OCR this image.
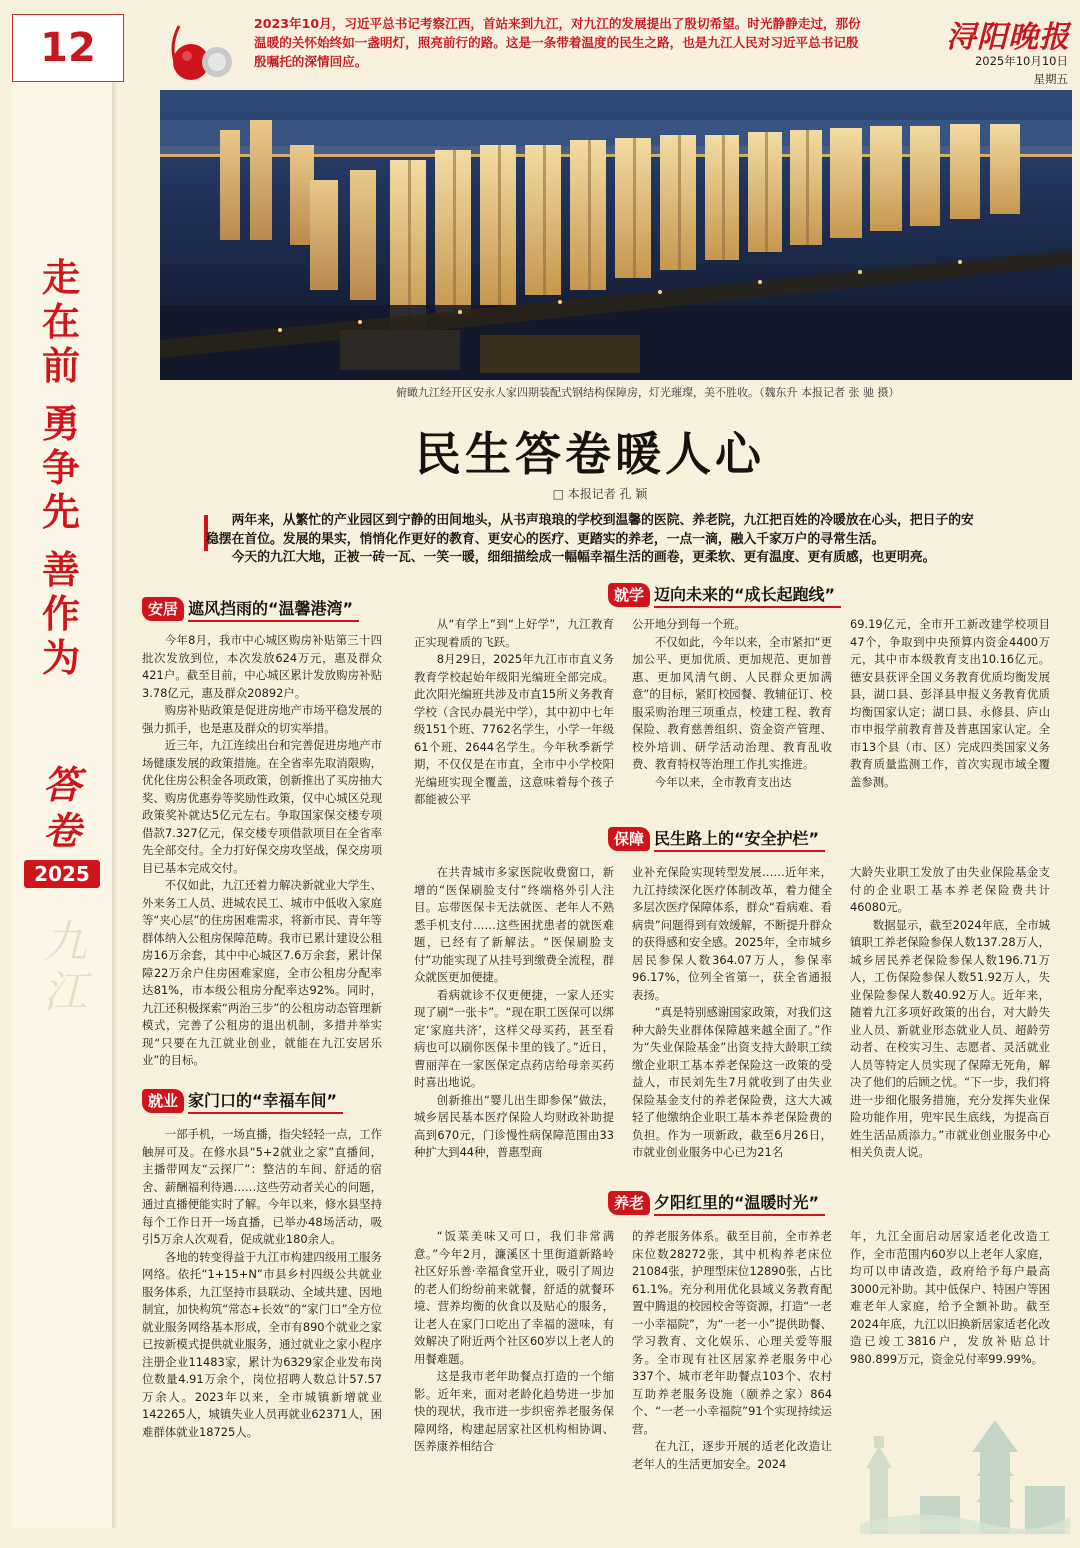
12
走
在
前
勇
争
先
善
作
为
答
卷
2025
九
江
2023年10月，习近平总书记考察江西，首站来到九江，对九江的发展提出了殷切希望。时光静静走过，那份温暖的关怀始终如一盏明灯，照亮前行的路。这是一条带着温度的民生之路，也是九江人民对习近平总书记殷殷嘱托的深情回应。
浔阳晚报
2025年10月10日
星期五
俯瞰九江经开区安永人家四期装配式钢结构保障房，灯光璀璨，美不胜收。（魏东升 本报记者 张 驰 摄）
民生答卷暖人心
□ 本报记者 孔 颖

两年来，从繁忙的产业园区到宁静的田间地头，从书声琅琅的学校到温馨的医院、养老院，九江把百姓的冷暖放在心头，把日子的安稳摆在首位。发展的果实，悄悄化作更好的教育、更安心的医疗、更踏实的养老，一点一滴，融入千家万户的寻常生活。

今天的九江大地，正被一砖一瓦、一笑一暖，细细描绘成一幅幅幸福生活的画卷，更柔软、更有温度、更有质感，也更明亮。

安居 遮风挡雨的“温馨港湾”

今年8月，我市中心城区购房补贴第三十四批次发放到位，本次发放624万元，惠及群众421户。截至目前，中心城区累计发放购房补贴3.78亿元，惠及群众20892户。

购房补贴政策是促进房地产市场平稳发展的强力抓手，也是惠及群众的切实举措。

近三年，九江连续出台和完善促进房地产市场健康发展的政策措施。在全省率先取消限购，优化住房公积金各项政策，创新推出了买房抽大奖、购房优惠券等奖励性政策，仅中心城区兑现政策奖补就达5亿元左右。争取国家保交楼专项借款7.327亿元，保交楼专项借款项目在全省率先全部交付。全力打好保交房攻坚战，保交房项目已基本完成交付。

不仅如此，九江还着力解决新就业大学生、外来务工人员、进城农民工、城市中低收入家庭等“夹心层”的住房困难需求，将新市民、青年等群体纳入公租房保障范畴。我市已累计建设公租房16万余套，其中中心城区7.6万余套，累计保障22万余户住房困难家庭，全市公租房分配率达81%，市本级公租房分配率达92%。同时，九江还积极探索“两治三步”的公租房动态管理新模式，完善了公租房的退出机制，多措并举实现“只要在九江就业创业，就能在九江安居乐业”的目标。

就业 家门口的“幸福车间”

一部手机，一场直播，指尖轻轻一点，工作触屏可及。在修水县“5+2就业之家”直播间，主播带网友“云探厂”：整洁的车间、舒适的宿舍、薪酬福利待遇……这些劳动者关心的问题，通过直播便能实时了解。今年以来，修水县坚持每个工作日开一场直播，已举办48场活动，吸引5万余人次观看，促成就业180余人。

各地的转变得益于九江市构建四级用工服务网络。依托“1+15+N”市县乡村四级公共就业服务体系，九江坚持市县联动、全域共建、因地制宜，加快构筑“常态+长效”的“家门口”全方位就业服务网络基本形成，全市有890个就业之家已按新模式提供就业服务，通过就业之家小程序注册企业11483家，累计为6329家企业发布岗位数量4.91万余个，岗位招聘人数总计57.57万余人。2023年以来，全市城镇新增就业142265人，城镇失业人员再就业62371人，困难群体就业18725人。

就学 迈向未来的“成长起跑线”

从“有学上”到“上好学”，九江教育正实现着质的飞跃。

8月29日，2025年九江市市直义务教育学校起始年级阳光编班全部完成。此次阳光编班共涉及市直15所义务教育学校（含民办晨光中学），其中初中七年级151个班、7762名学生，小学一年级61个班、2644名学生。今年秋季新学期，不仅仅是在市直，全市中小学校阳光编班实现全覆盖，这意味着每个孩子都能被公平

公开地分到每一个班。

不仅如此，今年以来，全市紧扣“更加公平、更加优质、更加规范、更加普惠、更加风清气朗、人民群众更加满意”的目标，紧盯校园餐、教辅征订、校服采购治理三项重点，校建工程、教育保险、教育慈善组织、资金资产管理、校外培训、研学活动治理、教育乱收费、教育特权等治理工作扎实推进。

今年以来，全市教育支出达

69.19亿元，全市开工新改建学校项目47个，争取到中央预算内资金4400万元，其中市本级教育支出10.16亿元。德安县获评全国义务教育优质均衡发展县，湖口县、彭泽县申报义务教育优质均衡国家认定；湖口县、永修县、庐山市申报学前教育普及普惠国家认定。全市13个县（市、区）完成四类国家义务教育质量监测工作，首次实现市域全覆盖参测。

保障 民生路上的“安全护栏”

在共青城市多家医院收费窗口，新增的“医保刷脸支付”终端格外引人注目。忘带医保卡无法就医、老年人不熟悉手机支付……这些困扰患者的就医难题，已经有了新解法。“医保刷脸支付”功能实现了从挂号到缴费全流程，群众就医更加便捷。

看病就诊不仅更便捷，一家人还实现了刷“一张卡”。“现在职工医保可以绑定‘家庭共济’，这样父母买药，甚至看病也可以刷你医保卡里的钱了。”近日，曹丽萍在一家医保定点药店给母亲买药时喜出地说。

创新推出“婴儿出生即参保”做法，城乡居民基本医疗保险人均财政补助提高到670元，门诊慢性病保障范围由33种扩大到44种，普惠型商

业补充保险实现转型发展……近年来，九江持续深化医疗体制改革，着力健全多层次医疗保障体系，群众“看病难、看病贵”问题得到有效缓解，不断提升群众的获得感和安全感。2025年，全市城乡居民参保人数364.07万人，参保率96.17%，位列全省第一，获全省通报表扬。

“真是特别感谢国家政策，对我们这种大龄失业群体保障越来越全面了。”作为“失业保险基金”出资支持大龄职工续缴企业职工基本养老保险这一政策的受益人，市民刘先生7月就收到了由失业保险基金支付的养老保险费，这大大减轻了他缴纳企业职工基本养老保险费的负担。作为一项新政，截至6月26日，市就业创业服务中心已为21名

大龄失业职工发放了由失业保险基金支付的企业职工基本养老保险费共计46080元。

数据显示，截至2024年底，全市城镇职工养老保险参保人数137.28万人，城乡居民养老保险参保人数196.71万人，工伤保险参保人数51.92万人，失业保险参保人数40.92万人。近年来，随着九江多项好政策的出台，对大龄失业人员、新就业形态就业人员、超龄劳动者、在校实习生、志愿者、灵活就业人员等特定人员实现了保障无死角，解决了他们的后顾之忧。“下一步，我们将进一步细化服务措施，充分发挥失业保险功能作用，兜牢民生底线，为提高百姓生活品质添力。”市就业创业服务中心相关负责人说。

养老 夕阳红里的“温暖时光”

“饭菜美味又可口，我们非常满意。”今年2月，濂溪区十里街道新路岭社区好乐善·幸福食堂开业，吸引了周边的老人们纷纷前来就餐，舒适的就餐环境、营养均衡的伙食以及贴心的服务，让老人在家门口吃出了幸福的滋味，有效解决了附近两个社区60岁以上老人的用餐难题。

这是我市老年助餐点打造的一个缩影。近年来，面对老龄化趋势进一步加快的现状，我市进一步织密养老服务保障网络，构建起居家社区机构相协调、医养康养相结合

的养老服务体系。截至目前，全市养老床位数28272张，其中机构养老床位21084张，护理型床位12890张，占比61.1%。充分利用优化县域义务教育配置中腾退的校园校舍等资源，打造“一老一小幸福院”，为“一老一小”提供助餐、学习教育、文化娱乐、心理关爱等服务。全市现有社区居家养老服务中心337个、城市老年助餐点103个、农村互助养老服务设施（颐养之家）864个、“一老一小幸福院”91个实现持续运营。

在九江，逐步开展的适老化改造让老年人的生活更加安全。2024

年，九江全面启动居家适老化改造工作，全市范围内60岁以上老年人家庭，均可以申请改造，政府给予每户最高3000元补助。其中低保户、特困户等困难老年人家庭，给予全额补助。截至2024年底，九江以旧换新居家适老化改造已竣工3816户，发放补贴总计980.899万元，资金兑付率99.99%。
